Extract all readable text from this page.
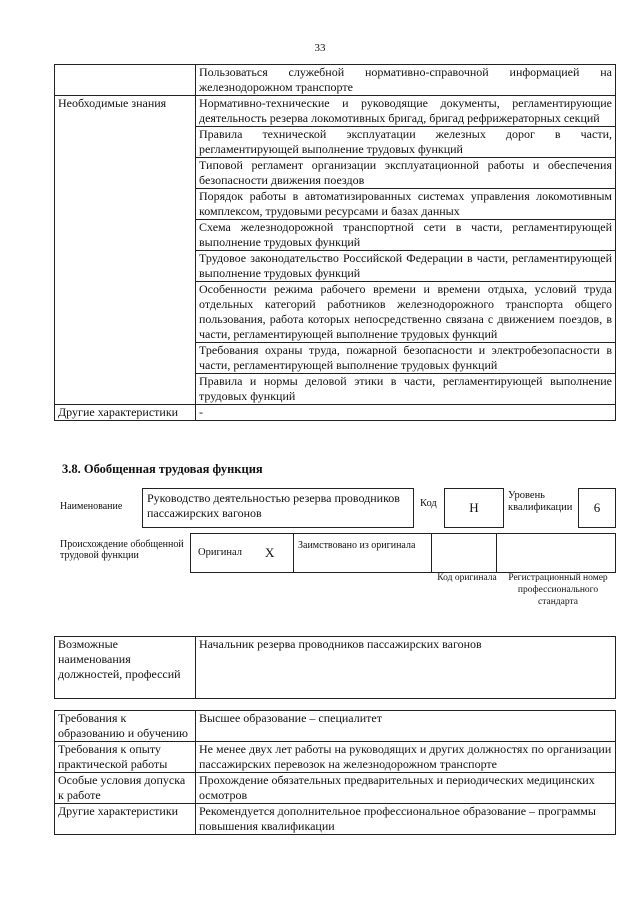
33
	Пользоваться служебной нормативно-справочной информацией на железнодорожном транспорте
Необходимые знания	Нормативно-технические и руководящие документы, регламентирующие деятельность резерва локомотивных бригад, бригад рефрижераторных секций
	Правила технической эксплуатации железных дорог в части, регламентирующей выполнение трудовых функций
	Типовой регламент организации эксплуатационной работы и обеспечения безопасности движения поездов
	Порядок работы в автоматизированных системах управления локомотивным комплексом, трудовыми ресурсами и базах данных
	Схема железнодорожной транспортной сети в части, регламентирующей выполнение трудовых функций
	Трудовое законодательство Российской Федерации в части, регламентирующей выполнение трудовых функций
	Особенности режима рабочего времени и времени отдыха, условий труда отдельных категорий работников железнодорожного транспорта общего пользования, работа которых непосредственно связана с движением поездов, в части, регламентирующей выполнение трудовых функций
	Требования охраны труда, пожарной безопасности и электробезопасности в части, регламентирующей выполнение трудовых функций
	Правила и нормы деловой этики в части, регламентирующей выполнение трудовых функций
Другие характеристики	-
3.8. Обобщенная трудовая функция
Наименование
Руководство деятельностью резерва проводников пассажирских вагонов
Код	H
Уровень квалификации	6
Происхождение обобщенной трудовой функции	Оригинал X	Заимствовано из оригинала
Код оригинала	Регистрационный номер профессионального стандарта
Возможные наименования должностей, профессий	Начальник резерва проводников пассажирских вагонов
Требования к образованию и обучению	Высшее образование – специалитет
Требования к опыту практической работы	Не менее двух лет работы на руководящих и других должностях по организации пассажирских перевозок на железнодорожном транспорте
Особые условия допуска к работе	Прохождение обязательных предварительных и периодических медицинских осмотров
Другие характеристики	Рекомендуется дополнительное профессиональное образование – программы повышения квалификации
